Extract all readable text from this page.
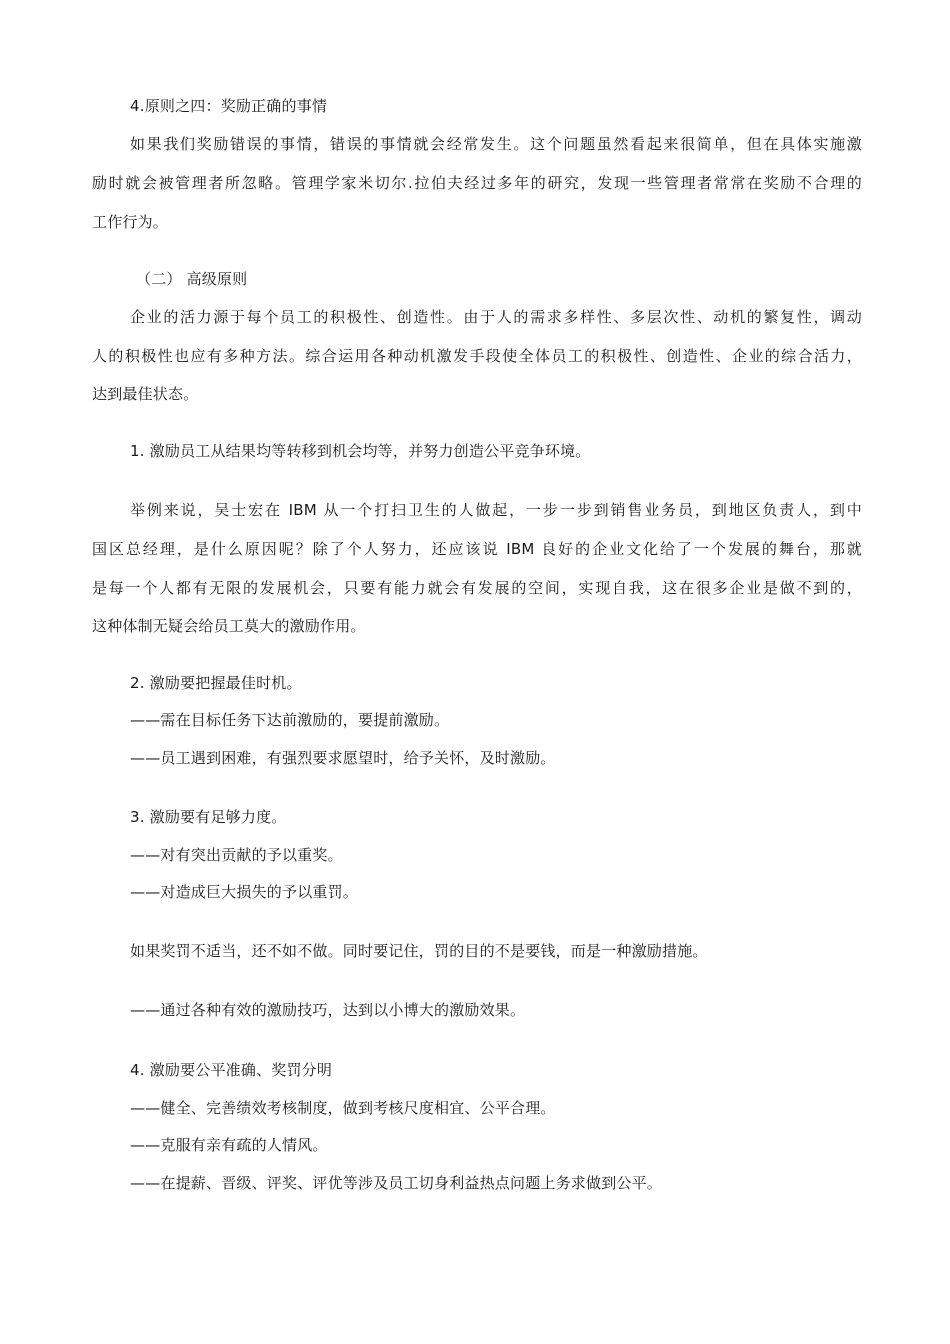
4.原则之四：奖励正确的事情
如果我们奖励错误的事情，错误的事情就会经常发生。这个问题虽然看起来很简单，但在具体实施激
励时就会被管理者所忽略。管理学家米切尔.拉伯夫经过多年的研究，发现一些管理者常常在奖励不合理的
工作行为。
（二） 高级原则
企业的活力源于每个员工的积极性、创造性。由于人的需求多样性、多层次性、动机的繁复性，调动
人的积极性也应有多种方法。综合运用各种动机激发手段使全体员工的积极性、创造性、企业的综合活力，
达到最佳状态。
1. 激励员工从结果均等转移到机会均等，并努力创造公平竞争环境。
举例来说，吴士宏在 IBM 从一个打扫卫生的人做起，一步一步到销售业务员，到地区负责人，到中
国区总经理，是什么原因呢？除了个人努力，还应该说 IBM 良好的企业文化给了一个发展的舞台，那就
是每一个人都有无限的发展机会，只要有能力就会有发展的空间，实现自我，这在很多企业是做不到的，
这种体制无疑会给员工莫大的激励作用。
2. 激励要把握最佳时机。
——需在目标任务下达前激励的，要提前激励。
——员工遇到困难，有强烈要求愿望时，给予关怀，及时激励。
3. 激励要有足够力度。
——对有突出贡献的予以重奖。
——对造成巨大损失的予以重罚。
如果奖罚不适当，还不如不做。同时要记住，罚的目的不是要钱，而是一种激励措施。
——通过各种有效的激励技巧，达到以小博大的激励效果。
4. 激励要公平准确、奖罚分明
——健全、完善绩效考核制度，做到考核尺度相宜、公平合理。
——克服有亲有疏的人情风。
——在提薪、晋级、评奖、评优等涉及员工切身利益热点问题上务求做到公平。
